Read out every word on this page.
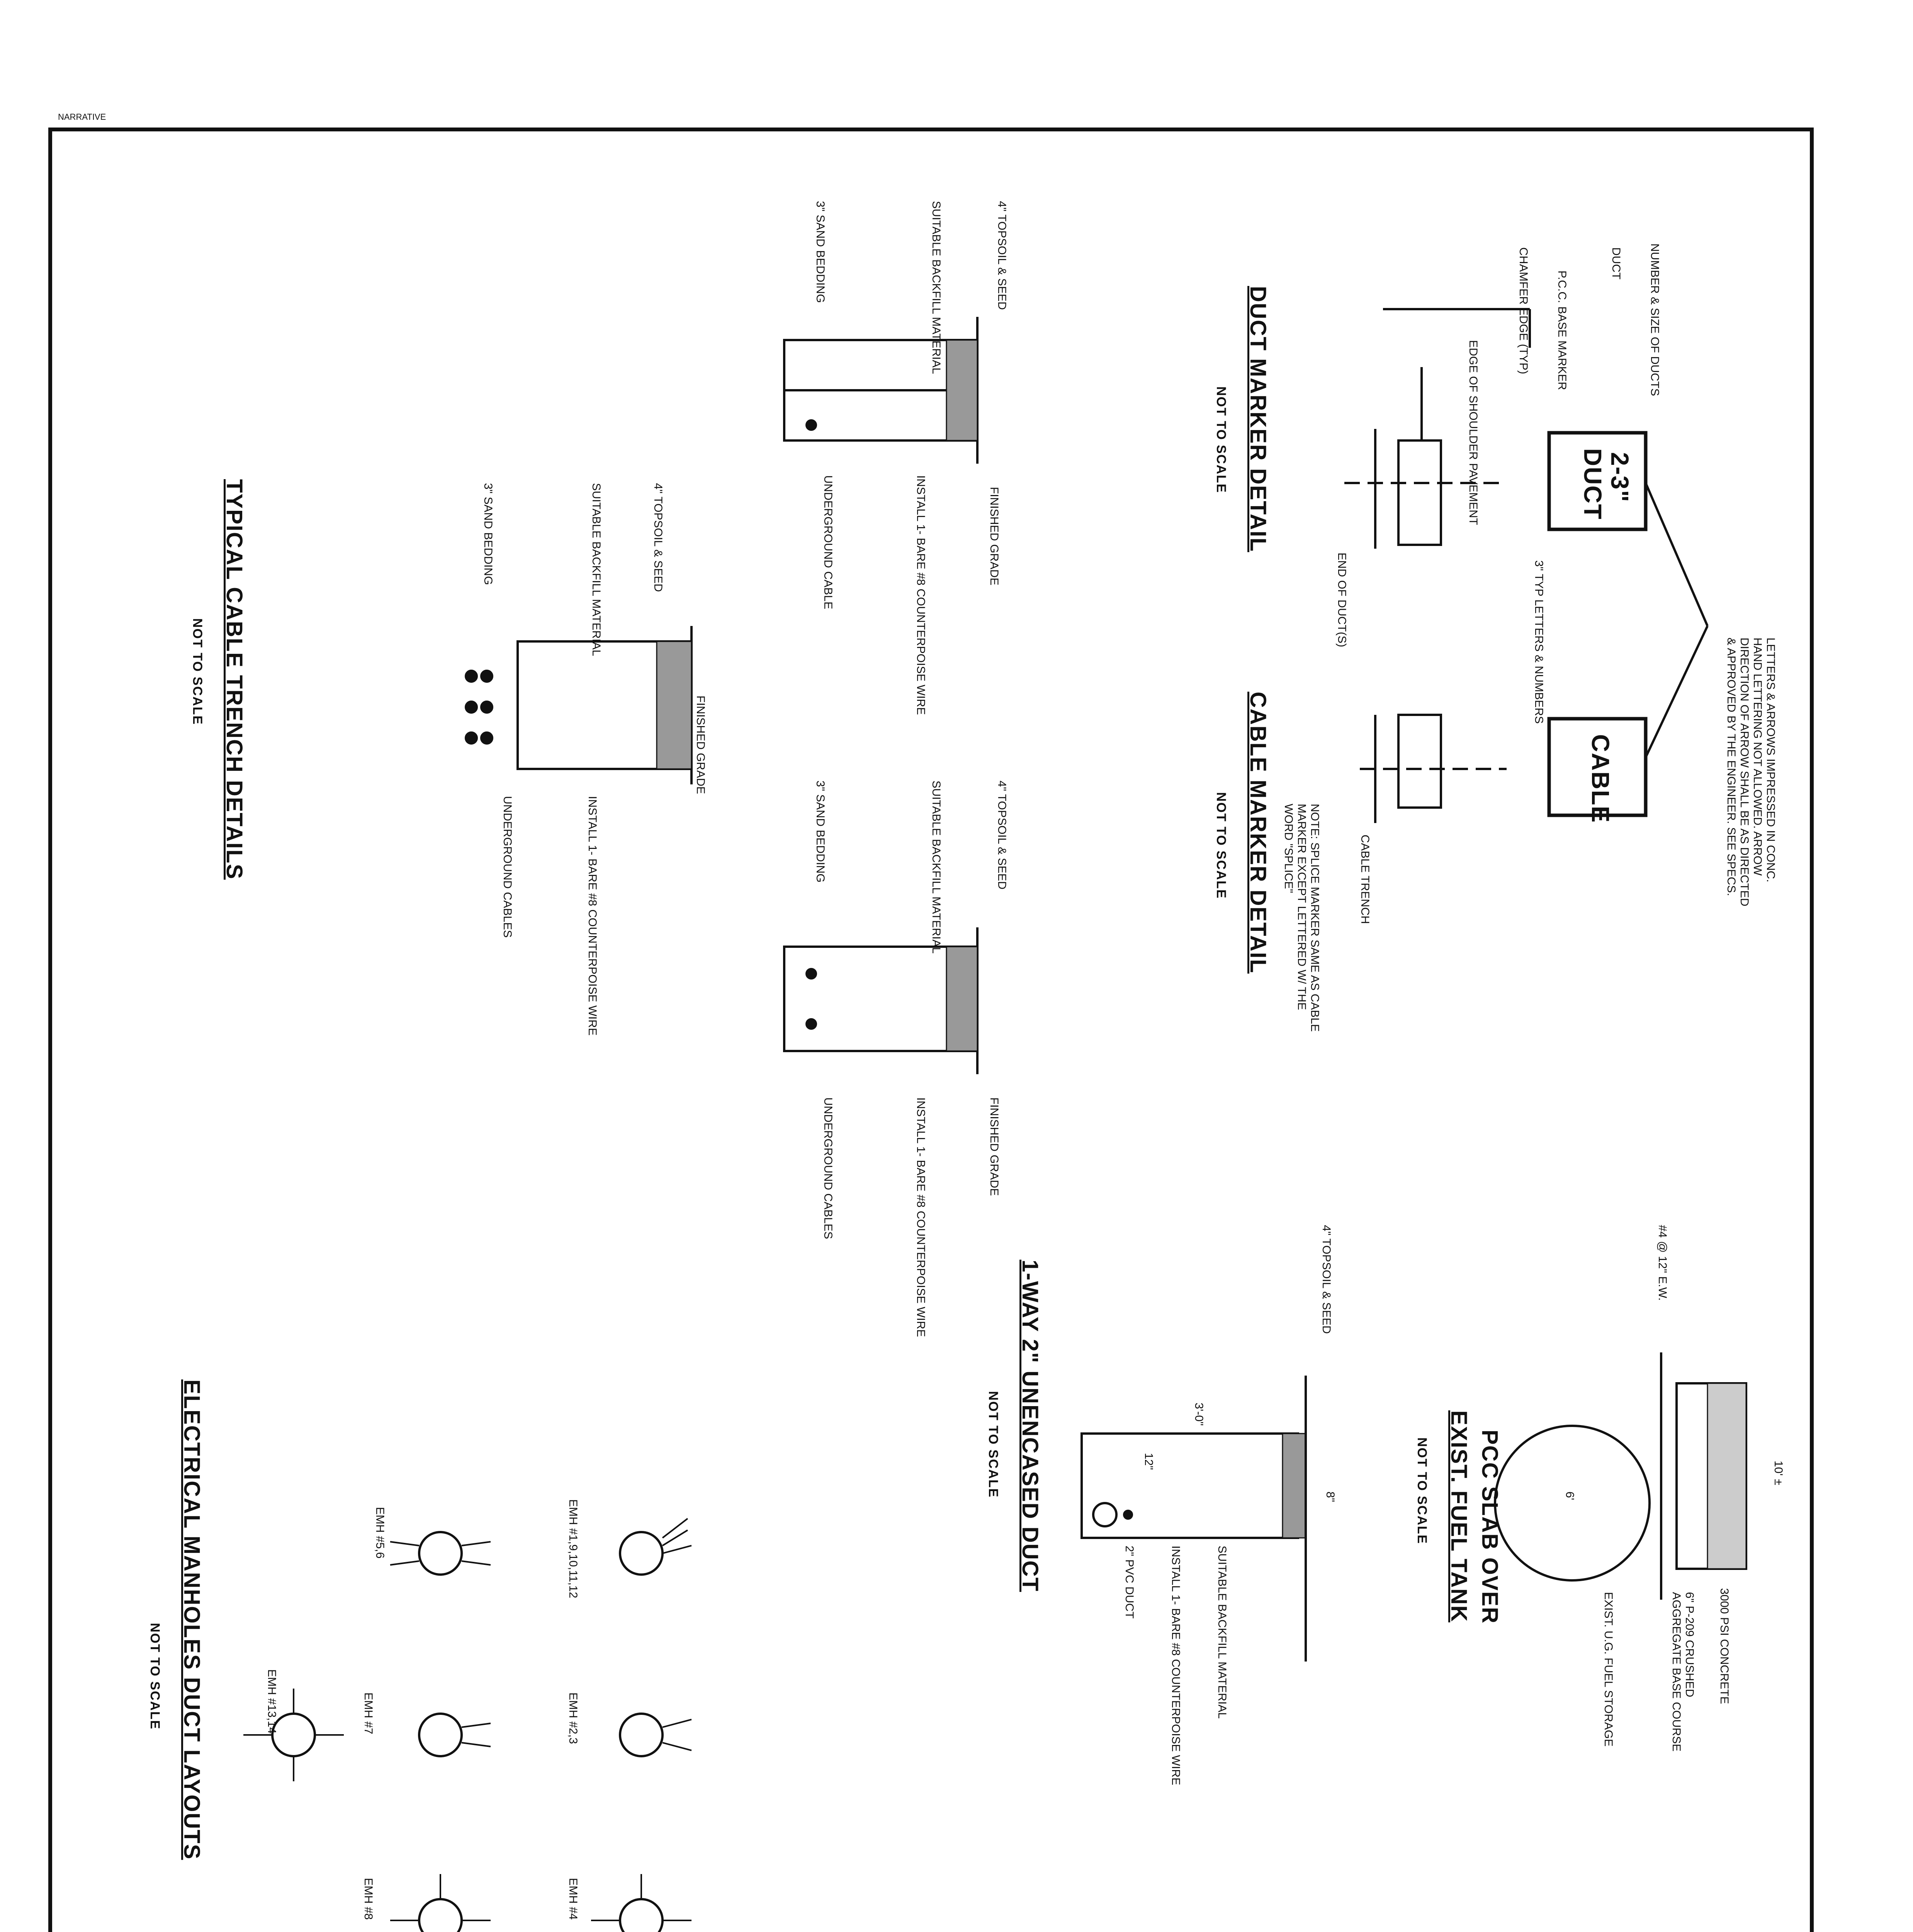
NARRATIVE
DUCT MARKER DETAIL
NOT TO SCALE
CABLE MARKER DETAIL
NOT TO SCALE
TYPICAL CABLE TRENCH DETAILS
NOT TO SCALE
PCC SLAB OVER
EXIST. FUEL TANK
NOT TO SCALE
1-WAY 2" UNENCASED DUCT
NOT TO SCALE
ELECTRICAL MANHOLES DUCT LAYOUTS
NOT TO SCALE
2-3"
DUCT
CABLE
NUMBER & SIZE OF DUCTS
DUCT
P.C.C. BASE MARKER
CHAMFER EDGE (TYP)
EDGE OF SHOULDER PAVEMENT
END OF DUCT(S)	3" TYP LETTERS & NUMBERS
CABLE TRENCH	LETTERS & ARROWS IMPRESSED IN CONC. HAND LETTERING NOT ALLOWED. ARROW DIRECTION OF ARROW SHALL BE AS DIRECTED & APPROVED BY THE ENGINEER. SEE SPECS.
NOTE: SPLICE MARKER SAME AS CABLE MARKER EXCEPT LETTERED W/ THE WORD "SPLICE"
4" TOPSOIL & SEED
SUITABLE BACKFILL MATERIAL
3" SAND BEDDING
FINISHED GRADE
INSTALL 1- BARE #8 COUNTERPOISE WIRE
UNDERGROUND CABLE
FINISHED GRADE
INSTALL 1- BARE #8 COUNTERPOISE WIRE
UNDERGROUND CABLES
4" TOPSOIL & SEED
SUITABLE BACKFILL MATERIAL
3" SAND BEDDING
4" TOPSOIL & SEED
SUITABLE BACKFILL MATERIAL
3" SAND BEDDING
FINISHED GRADE
INSTALL 1- BARE #8 COUNTERPOISE WIRE
UNDERGROUND CABLES
#4 @ 12" E.W.
3000 PSI CONCRETE
6" P-209 CRUSHED AGGREGATE BASE COURSE
EXIST. U.G. FUEL STORAGE
10' ±
6'
4" TOPSOIL & SEED
SUITABLE BACKFILL MATERIAL
INSTALL 1- BARE #8 COUNTERPOISE WIRE
2" PVC DUCT
3'-0"
12"
8"
EMH #1,9,10,11,12
EMH #2,3
EMH #4
EMH #5,6
EMH #7
EMH #8
EMH #13,14
